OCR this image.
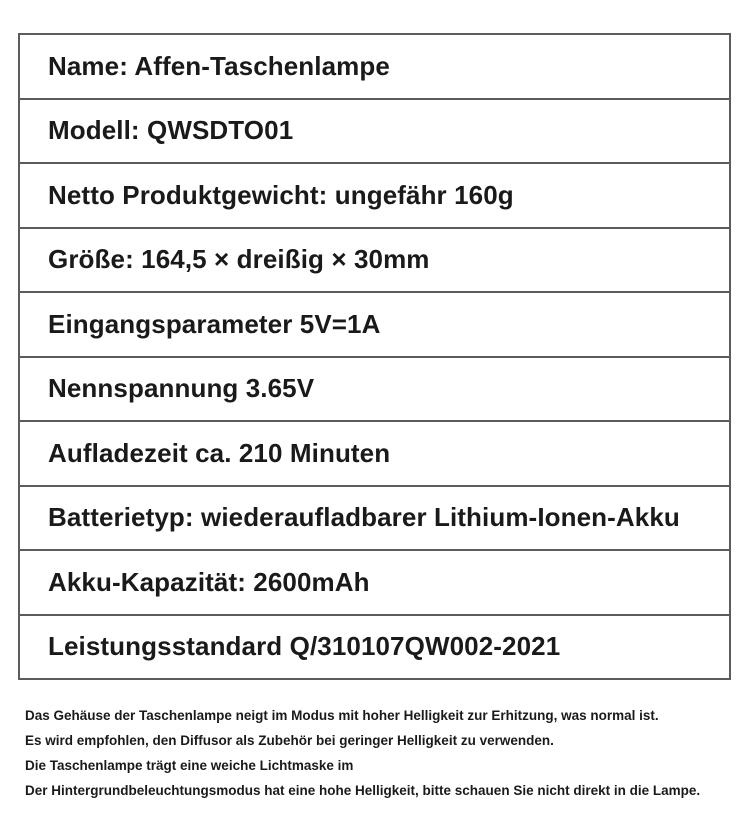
Name: Affen-Taschenlampe
Modell: QWSDTO01
Netto Produktgewicht: ungefähr 160g
Größe: 164,5 × dreißig × 30mm
Eingangsparameter 5V=1A
Nennspannung 3.65V
Aufladezeit ca. 210 Minuten
Batterietyp: wiederaufladbarer Lithium-Ionen-Akku
Akku-Kapazität: 2600mAh
Leistungsstandard Q/310107QW002-2021
Das Gehäuse der Taschenlampe neigt im Modus mit hoher Helligkeit zur Erhitzung, was normal ist.
Es wird empfohlen, den Diffusor als Zubehör bei geringer Helligkeit zu verwenden.
Die Taschenlampe trägt eine weiche Lichtmaske im
Der Hintergrundbeleuchtungsmodus hat eine hohe Helligkeit, bitte schauen Sie nicht direkt in die Lampe.
